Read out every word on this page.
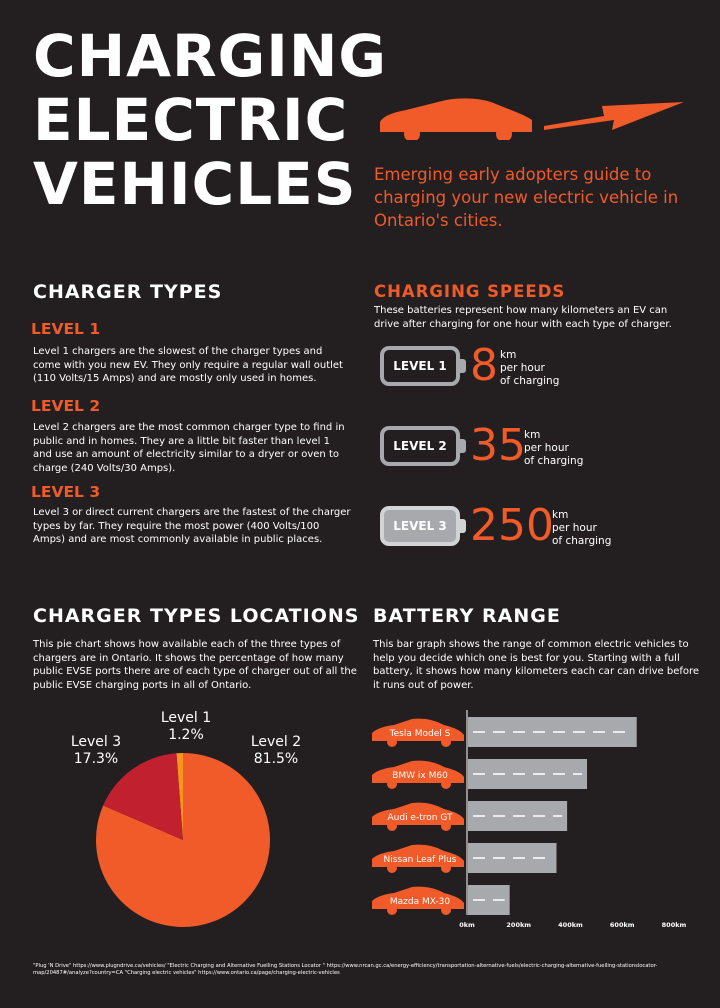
CHARGING
ELECTRIC
VEHICLES Emerging early adopters guide to charging your new electric vehicle in Ontario's cities.
CHARGER TYPES
LEVEL 1
Level 1 chargers are the slowest of the charger types and come with you new EV. They only require a regular wall outlet (110 Volts/15 Amps) and are mostly only used in homes.
LEVEL 2
Level 2 chargers are the most common charger type to find in public and in homes. They are a little bit faster than level 1 and use an amount of electricity similar to a dryer or oven to charge (240 Volts/30 Amps).
LEVEL 3
Level 3 or direct current chargers are the fastest of the charger types by far. They require the most power (400 Volts/100 Amps) and are most commonly available in public places.
CHARGING SPEEDS
These batteries represent how many kilometers an EV can drive after charging for one hour with each type of charger.
LEVEL 1 8 km
per hour
of charging
LEVEL 2 35
km
per hour
of charging
LEVEL 3 250
km
per hour
of charging
CHARGER TYPES LOCATIONS
This pie chart shows how available each of the three types of chargers are in Ontario. It shows the percentage of how many public EVSE ports there are of each type of charger out of all the public EVSE charging ports in all of Ontario.
Level 1
1.2%	Level 2
81.5%
Level 3
17.3%
BATTERY RANGE
This bar graph shows the range of common electric vehicles to help you decide which one is best for you. Starting with a full battery, it shows how many kilometers each car can drive before it runs out of power.
Tesla Model S
BMW ix M60
Audi e-tron GT
Nissan Leaf Plus
Mazda MX-30
0km	200km	400km	600km	800km
"Plug 'N Drive" https://www.plugndrive.ca/vehicles/ "Electric Charging and Alternative Fuelling Stations Locator " https://www.nrcan.gc.ca/energy-efficiency/transportation-alternative-fuels/electric-charging-alternative-fuelling-stationslocator-map/20487#/analyze?country=CA "Charging electric vehicles" https://www.ontario.ca/page/charging-electric-vehicles
